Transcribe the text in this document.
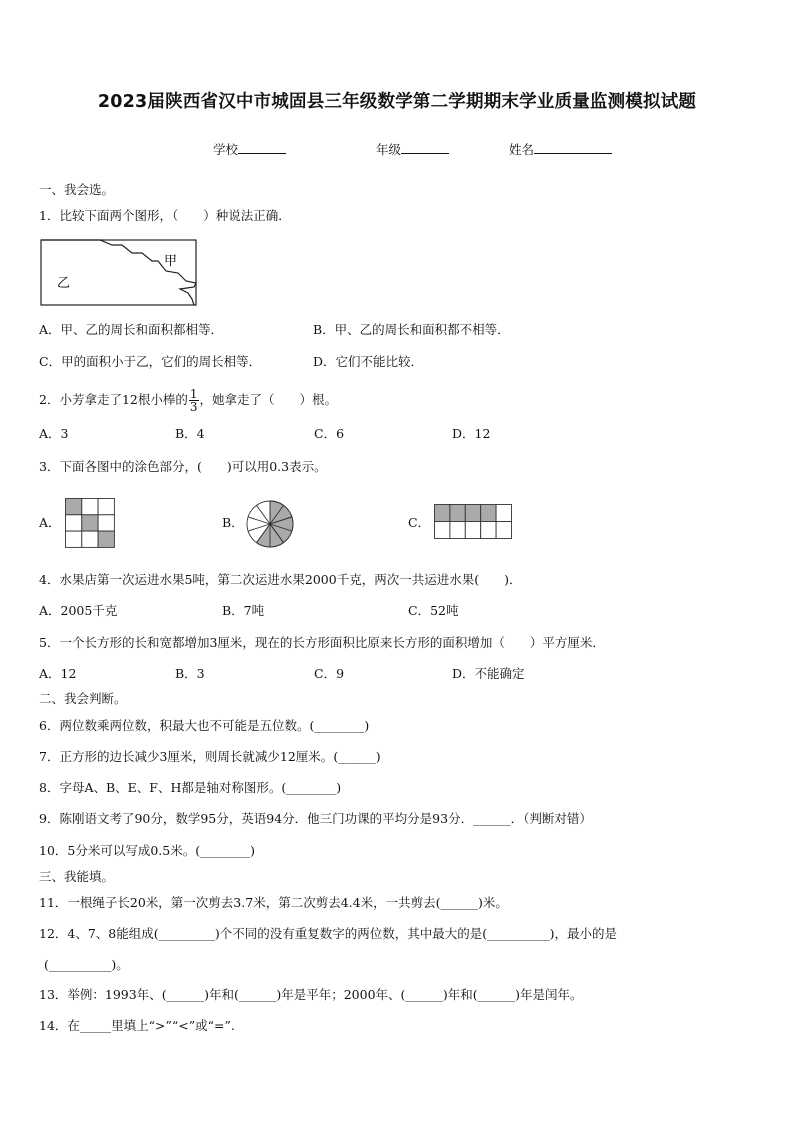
2023届陕西省汉中市城固县三年级数学第二学期期末学业质量监测模拟试题
学校	年级	姓名
一、我会选。
1．比较下面两个图形，（　　）种说法正确．
甲
乙
A．甲、乙的周长和面积都相等．	B．甲、乙的周长和面积都不相等．
C．甲的面积小于乙，它们的周长相等．	D．它们不能比较．
2．小芳拿走了12根小棒的 $\frac{1}{3}$ ，她拿走了（　　）根。
A．3	B．4	C．6	D．12
3．下面各图中的涂色部分，(　　)可以用0.3表示。
A．	B．	C．
4．水果店第一次运进水果5吨，第二次运进水果2000千克，两次一共运进水果(　　)．
A．2005千克	B．7吨	C．52吨
5．一个长方形的长和宽都增加3厘米，现在的长方形面积比原来长方形的面积增加（　　）平方厘米．
A．12	B．3	C．9	D．不能确定
二、我会判断。
6．两位数乘两位数，积最大也不可能是五位数。(________)
7．正方形的边长减少3厘米，则周长就减少12厘米。(______)
8．字母A、B、E、F、H都是轴对称图形。(________)
9．陈刚语文考了90分，数学95分，英语94分．他三门功课的平均分是93分．______．（判断对错）
10．5分米可以写成0.5米。(________)
三、我能填。
11．一根绳子长20米，第一次剪去3.7米，第二次剪去4.4米，一共剪去(______)米。
12．4、7、8能组成(_________)个不同的没有重复数字的两位数，其中最大的是(__________)，最小的是
(__________)。
13．举例：1993年、(______)年和(______)年是平年；2000年、(______)年和(______)年是闰年。
14．在_____里填上“>”“<”或“=”.
